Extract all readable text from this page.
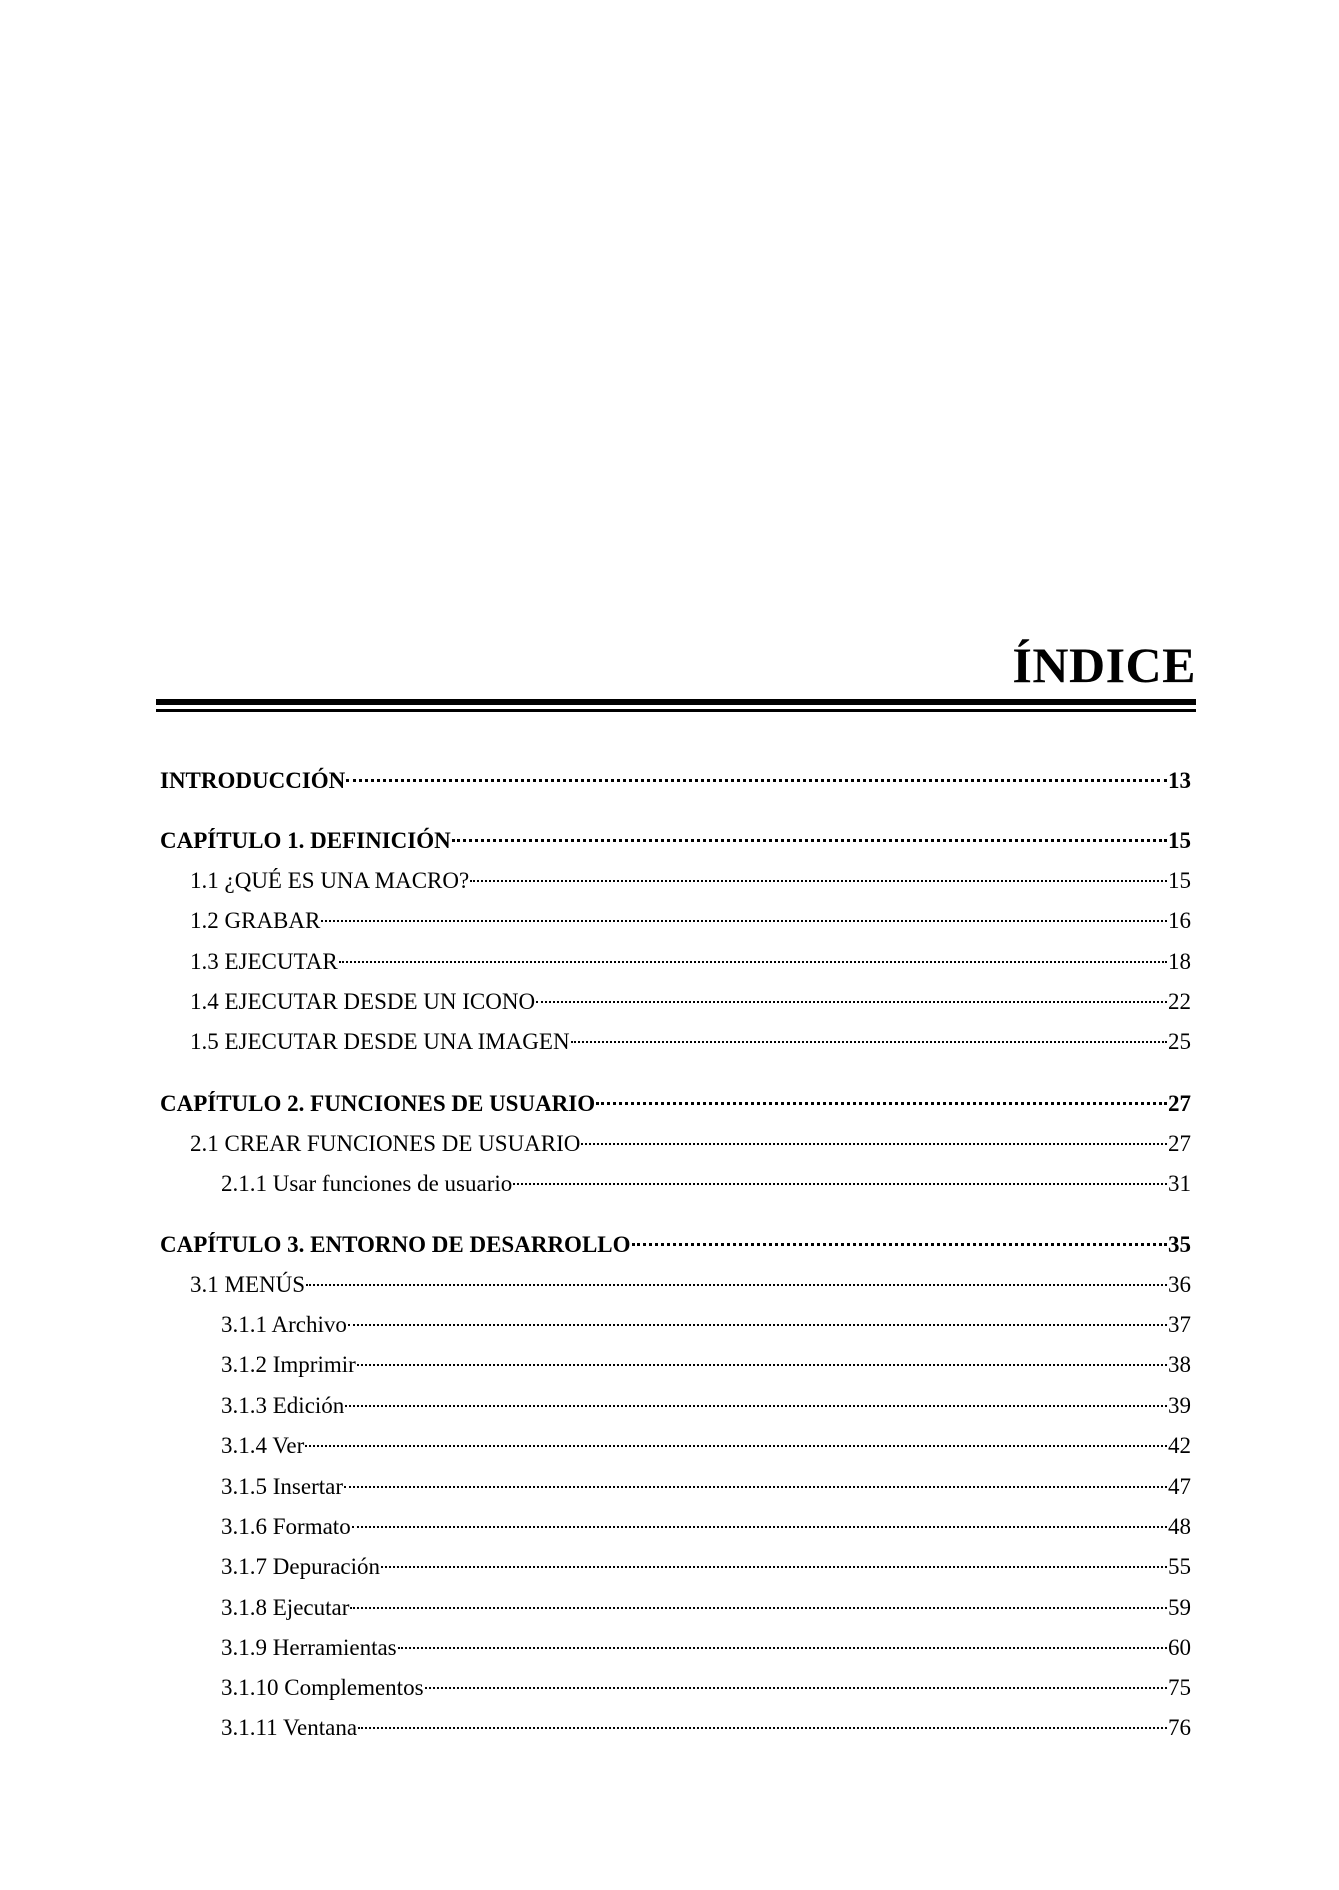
ÍNDICE
INTRODUCCIÓN	13
CAPÍTULO 1. DEFINICIÓN	15
1.1 ¿QUÉ ES UNA MACRO?	15
1.2 GRABAR	16
1.3 EJECUTAR	18
1.4 EJECUTAR DESDE UN ICONO	22
1.5 EJECUTAR DESDE UNA IMAGEN	25
CAPÍTULO 2. FUNCIONES DE USUARIO	27
2.1 CREAR FUNCIONES DE USUARIO	27
2.1.1 Usar funciones de usuario	31
CAPÍTULO 3. ENTORNO DE DESARROLLO	35
3.1 MENÚS	36
3.1.1 Archivo	37
3.1.2 Imprimir	38
3.1.3 Edición	39
3.1.4 Ver	42
3.1.5 Insertar	47
3.1.6 Formato	48
3.1.7 Depuración	55
3.1.8 Ejecutar	59
3.1.9 Herramientas	60
3.1.10 Complementos	75
3.1.11 Ventana	76
